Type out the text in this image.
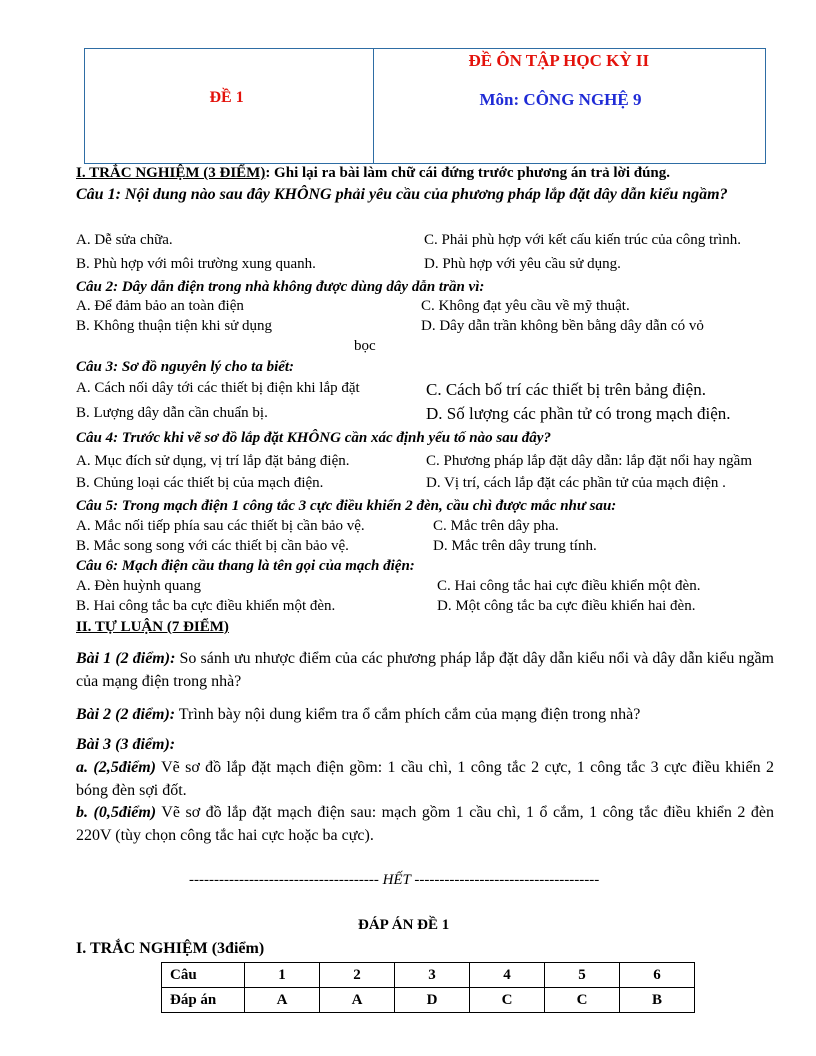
ĐỀ 1

ĐỀ ÔN TẬP HỌC KỲ II
Môn: CÔNG NGHỆ 9
I. TRẮC NGHIỆM (3 ĐIỂM): Ghi lại ra bài làm chữ cái đứng trước phương án trả lời đúng.
Câu 1: Nội dung nào sau đây KHÔNG phải yêu cầu của phương pháp lắp đặt dây dẫn kiểu ngầm?
A. Dễ sửa chữa.	C. Phải phù hợp với kết cấu kiến trúc của công trình.
B. Phù hợp với môi trường xung quanh.	D. Phù hợp với yêu cầu sử dụng.
Câu 2: Dây dẫn điện trong nhà không được dùng dây dẫn trần vì:
A. Để đảm bảo an toàn điện	C. Không đạt yêu cầu về mỹ thuật.
B. Không thuận tiện khi sử dụng	D. Dây dẫn trần không bền bằng dây dẫn có vỏ
bọc
Câu 3: Sơ đồ nguyên lý cho ta biết:
A. Cách nối dây tới các thiết bị điện khi lắp đặt	C. Cách bố trí các thiết bị trên bảng điện.
B. Lượng dây dẫn cần chuẩn bị.	D. Số lượng các phần tử có trong mạch điện.
Câu 4: Trước khi vẽ sơ đồ lắp đặt KHÔNG cần xác định yếu tố nào sau đây?
A. Mục đích sử dụng, vị trí lắp đặt bảng điện.	C. Phương pháp lắp đặt dây dẫn: lắp đặt nổi hay ngầm
B. Chủng loại các thiết bị của mạch điện.	D. Vị trí, cách lắp đặt các phần tử của mạch điện .
Câu 5: Trong mạch điện 1 công tắc 3 cực điều khiển 2 đèn, cầu chì được mắc như sau:
A. Mắc nối tiếp phía sau các thiết bị cần bảo vệ.	C. Mắc trên dây pha.
B. Mắc song song với các thiết bị cần bảo vệ.	D. Mắc trên dây trung tính.
Câu 6: Mạch điện cầu thang là tên gọi của mạch điện:
A. Đèn huỳnh quang	C. Hai công tắc hai cực điều khiển một đèn.
B. Hai công tắc ba cực điều khiển một đèn.	D. Một công tắc ba cực điều khiển hai đèn.
II. TỰ LUẬN (7 ĐIỂM)
Bài 1 (2 điểm): So sánh ưu nhược điểm của các phương pháp lắp đặt dây dẫn kiểu nổi và dây dẫn kiểu ngầm của mạng điện trong nhà?
Bài 2 (2 điểm): Trình bày nội dung kiểm tra ổ cắm phích cắm của mạng điện trong nhà?
Bài 3 (3 điểm):
a. (2,5điểm) Vẽ sơ đồ lắp đặt mạch điện gồm: 1 cầu chì, 1 công tắc 2 cực, 1 công tắc 3 cực điều khiển 2 bóng đèn sợi đốt.
b. (0,5điểm) Vẽ sơ đồ lắp đặt mạch điện sau: mạch gồm 1 cầu chì, 1 ổ cắm, 1 công tắc điều khiển 2 đèn 220V (tùy chọn công tắc hai cực hoặc ba cực).
-------------------------------------- HẾT -------------------------------------
ĐÁP ÁN ĐỀ 1
I. TRẮC NGHIỆM (3điểm)
Câu	1	2	3	4	5	6
Đáp án	A	A	D	C	C	B
